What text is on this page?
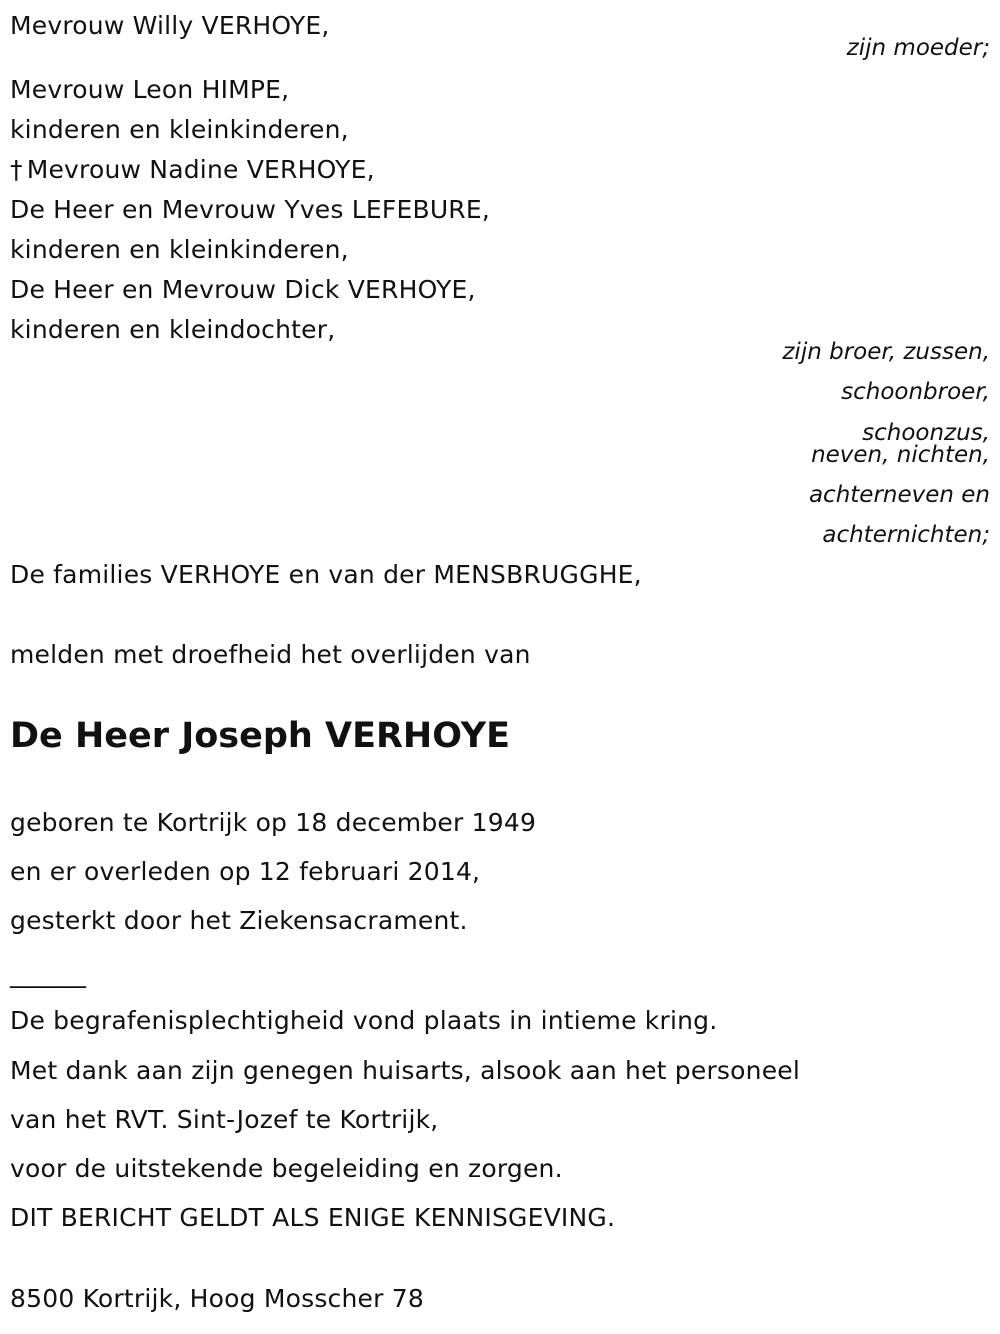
Mevrouw Willy VERHOYE,
zijn moeder;
Mevrouw Leon HIMPE,
kinderen en kleinkinderen,
† Mevrouw Nadine VERHOYE,
De Heer en Mevrouw Yves LEFEBURE,
kinderen en kleinkinderen,
De Heer en Mevrouw Dick VERHOYE,
kinderen en kleindochter,
zijn broer, zussen,
schoonbroer,
schoonzus,
neven, nichten,
achterneven en
achternichten;
De families VERHOYE en van der MENSBRUGGHE,
melden met droefheid het overlijden van
De Heer Joseph VERHOYE
geboren te Kortrijk op 18 december 1949
en er overleden op 12 februari 2014,
gesterkt door het Ziekensacrament.
______
De begrafenisplechtigheid vond plaats in intieme kring.
Met dank aan zijn genegen huisarts, alsook aan het personeel
van het RVT. Sint-Jozef te Kortrijk,
voor de uitstekende begeleiding en zorgen.
DIT BERICHT GELDT ALS ENIGE KENNISGEVING.
8500 Kortrijk, Hoog Mosscher 78
